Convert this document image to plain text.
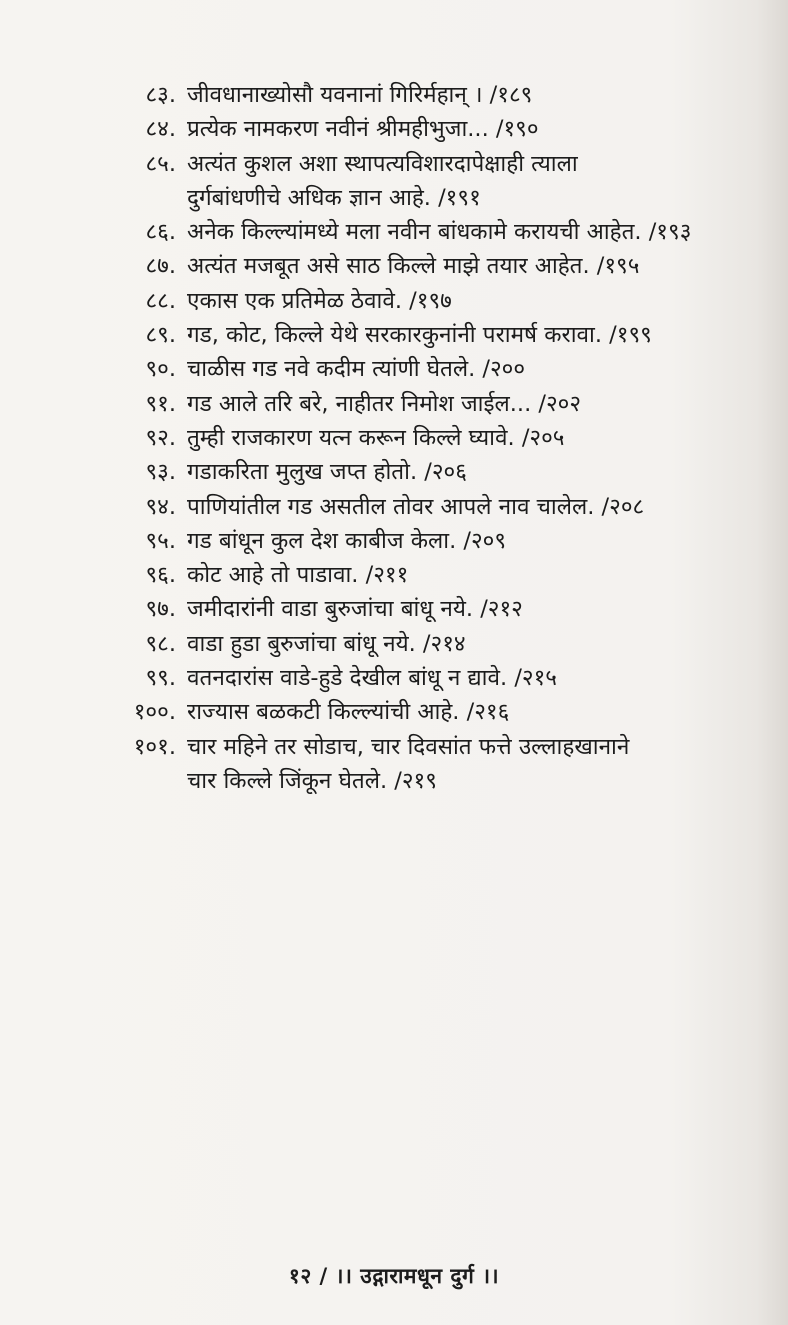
८३. जीवधानाख्योसौ यवनानां गिरिर्महान् । /१८९
८४. प्रत्येक नामकरण नवीनं श्रीमहीभुजा... /१९०
८५. अत्यंत कुशल अशा स्थापत्यविशारदापेक्षाही त्याला
दुर्गबांधणीचे अधिक ज्ञान आहे. /१९१
८६. अनेक किल्ल्यांमध्ये मला नवीन बांधकामे करायची आहेत. /१९३
८७. अत्यंत मजबूत असे साठ किल्ले माझे तयार आहेत. /१९५
८८. एकास एक प्रतिमेळ ठेवावे. /१९७
८९. गड, कोट, किल्ले येथे सरकारकुनांनी परामर्ष करावा. /१९९
९०. चाळीस गड नवे कदीम त्यांणी घेतले. /२००
९१. गड आले तरि बरे, नाहीतर निमोश जाईल... /२०२
९२. तुम्ही राजकारण यत्न करून किल्ले घ्यावे. /२०५
९३. गडाकरिता मुलुख जप्त होतो. /२०६
९४. पाणियांतील गड असतील तोवर आपले नाव चालेल. /२०८
९५. गड बांधून कुल देश काबीज केला. /२०९
९६. कोट आहे तो पाडावा. /२११
९७. जमीदारांनी वाडा बुरुजांचा बांधू नये. /२१२
९८. वाडा हुडा बुरुजांचा बांधू नये. /२१४
९९. वतनदारांस वाडे-हुडे देखील बांधू न द्यावे. /२१५
१००. राज्यास बळकटी किल्ल्यांची आहे. /२१६
१०१. चार महिने तर सोडाच, चार दिवसांत फत्ते उल्लाहखानाने
चार किल्ले जिंकून घेतले. /२१९
१२ / ।। उद्गारामधून दुर्ग ।।
